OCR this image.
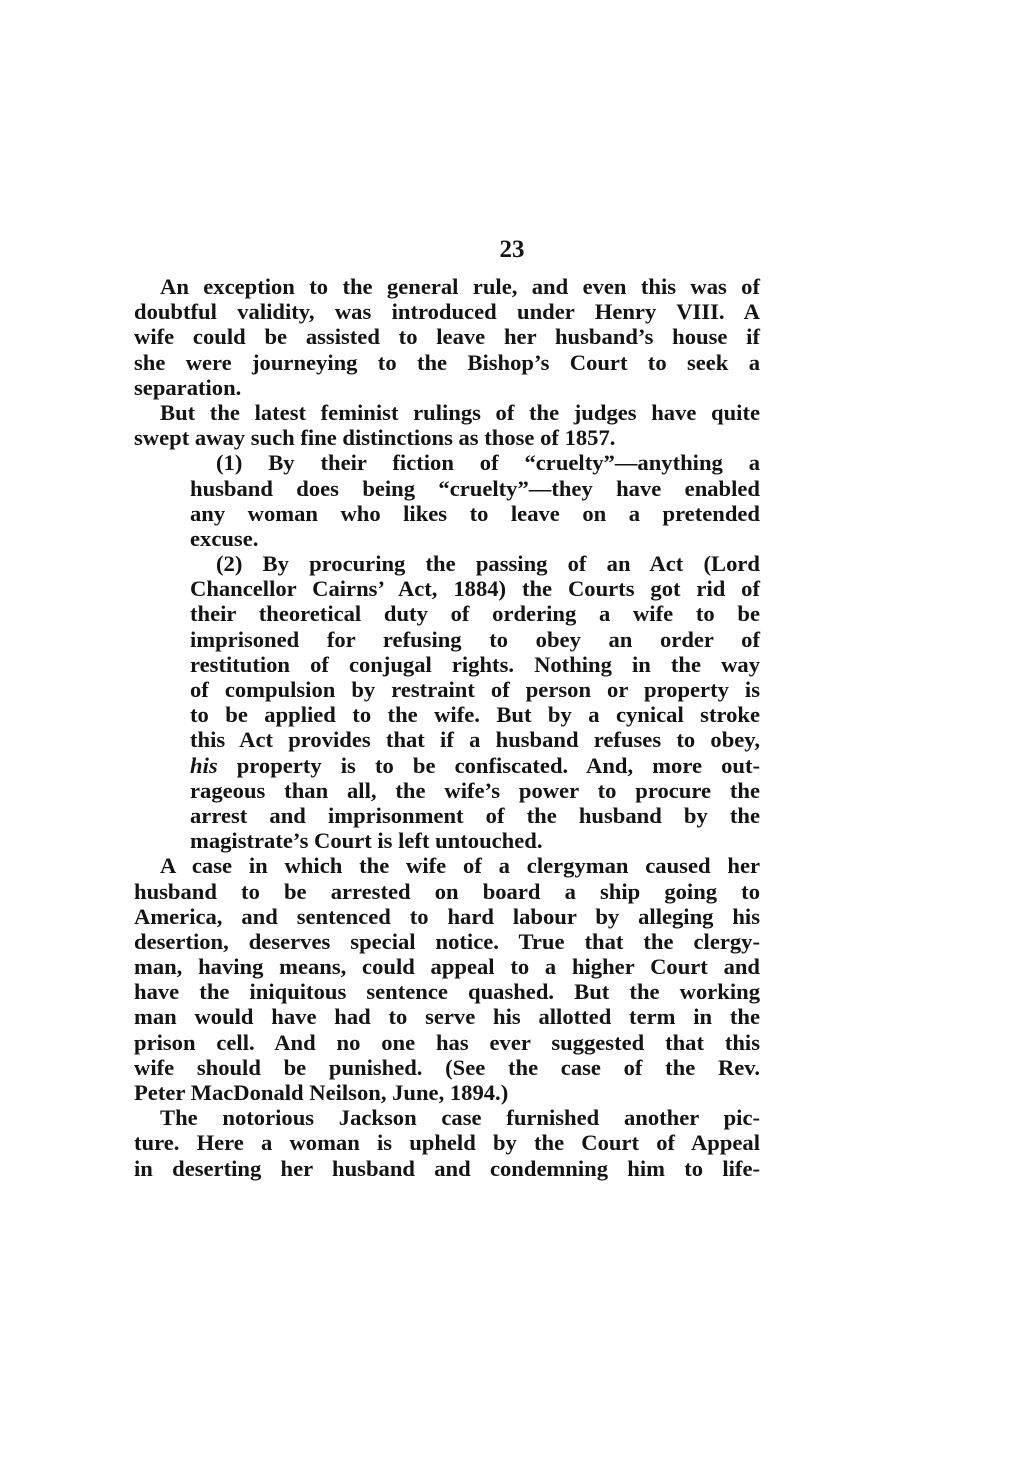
23
An exception to the general rule, and even this was of
doubtful validity, was introduced under Henry VIII. A
wife could be assisted to leave her husband’s house if
she were journeying to the Bishop’s Court to seek a
separation.
But the latest feminist rulings of the judges have quite
swept away such fine distinctions as those of 1857.
(1) By their fiction of “cruelty”—anything a
husband does being “cruelty”—they have enabled
any woman who likes to leave on a pretended
excuse.
(2) By procuring the passing of an Act (Lord
Chancellor Cairns’ Act, 1884) the Courts got rid of
their theoretical duty of ordering a wife to be
imprisoned for refusing to obey an order of
restitution of conjugal rights. Nothing in the way
of compulsion by restraint of person or property is
to be applied to the wife. But by a cynical stroke
this Act provides that if a husband refuses to obey,
his property is to be confiscated. And, more out-
rageous than all, the wife’s power to procure the
arrest and imprisonment of the husband by the
magistrate’s Court is left untouched.
A case in which the wife of a clergyman caused her
husband to be arrested on board a ship going to
America, and sentenced to hard labour by alleging his
desertion, deserves special notice. True that the clergy-
man, having means, could appeal to a higher Court and
have the iniquitous sentence quashed. But the working
man would have had to serve his allotted term in the
prison cell. And no one has ever suggested that this
wife should be punished. (See the case of the Rev.
Peter MacDonald Neilson, June, 1894.)
The notorious Jackson case furnished another pic-
ture. Here a woman is upheld by the Court of Appeal
in deserting her husband and condemning him to life-
